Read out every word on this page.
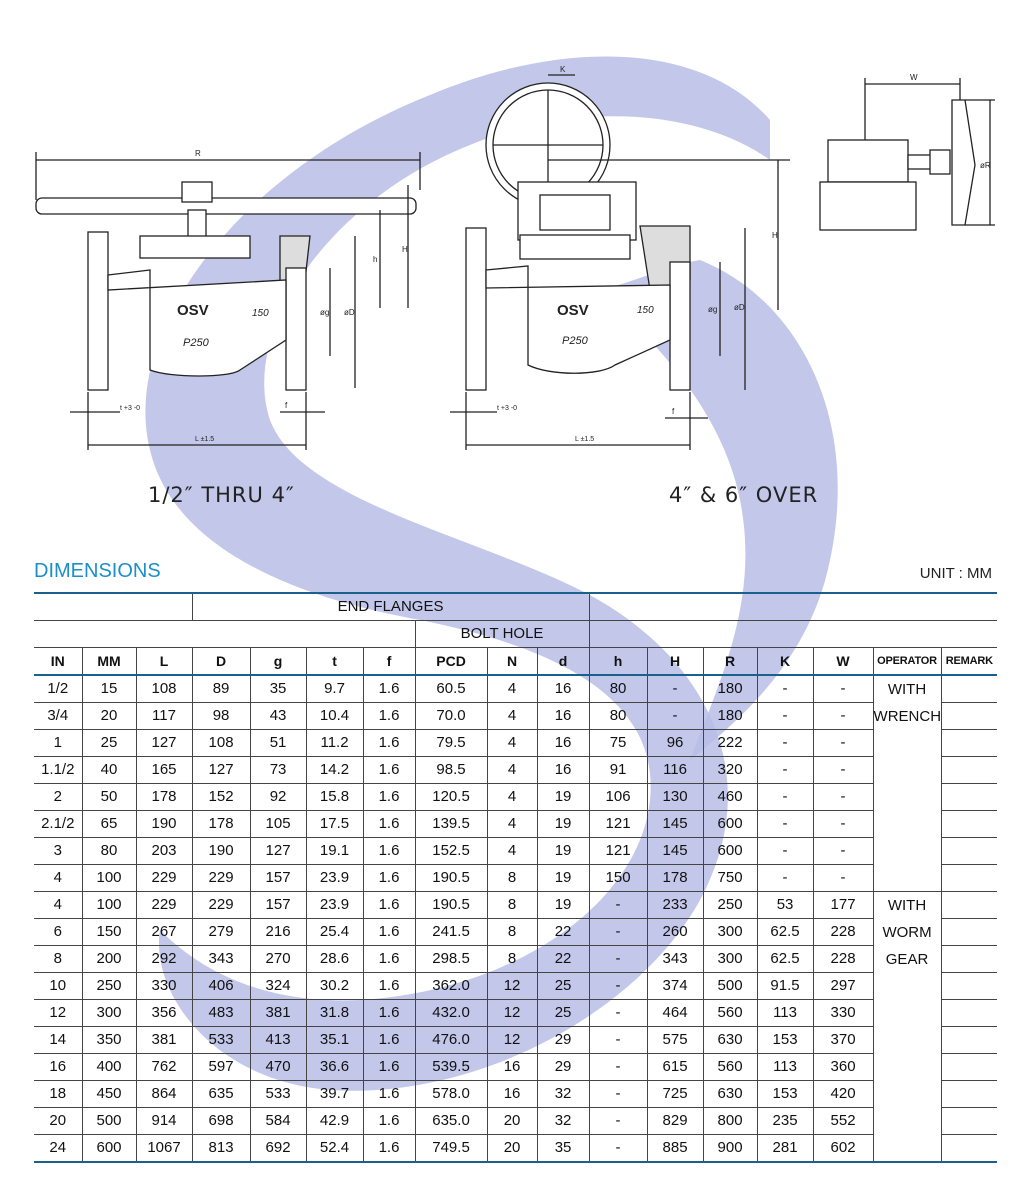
R
OSV	150
P250
H
h
øD
øg
t +3 -0	f
L ±1.5
K
OSV	150
P250
H
øD
øg
t +3 -0	f
L ±1.5
W
øR
1/2″ THRU 4″	4″ & 6″ OVER
DIMENSIONS	UNIT : MM
			END FLANGES													
							BOLT HOLE									
IN	MM	L	D	g	t	f	PCD	N	d	h	H	R	K	W	OPERATOR	REMARK
1/2	15	108	89	35	9.7	1.6	60.5	4	16	80	-	180	-	-	WITH
WRENCH	

3/4	20	117	98	43	10.4	1.6	70.0	4	16	80	-	180	-	-		
1	25	127	108	51	11.2	1.6	79.5	4	16	75	96	222	-	-		
1.1/2	40	165	127	73	14.2	1.6	98.5	4	16	91	116	320	-	-		
2	50	178	152	92	15.8	1.6	120.5	4	19	106	130	460	-	-		
2.1/2	65	190	178	105	17.5	1.6	139.5	4	19	121	145	600	-	-		
3	80	203	190	127	19.1	1.6	152.5	4	19	121	145	600	-	-		
4	100	229	229	157	23.9	1.6	190.5	8	19	150	178	750	-	-		
4	100	229	229	157	23.9	1.6	190.5	8	19	-	233	250	53	177	WITH
WORM
GEAR	

6	150	267	279	216	25.4	1.6	241.5	8	22	-	260	300	62.5	228		
8	200	292	343	270	28.6	1.6	298.5	8	22	-	343	300	62.5	228		
10	250	330	406	324	30.2	1.6	362.0	12	25	-	374	500	91.5	297		
12	300	356	483	381	31.8	1.6	432.0	12	25	-	464	560	113	330		
14	350	381	533	413	35.1	1.6	476.0	12	29	-	575	630	153	370		
16	400	762	597	470	36.6	1.6	539.5	16	29	-	615	560	113	360		
18	450	864	635	533	39.7	1.6	578.0	16	32	-	725	630	153	420		
20	500	914	698	584	42.9	1.6	635.0	20	32	-	829	800	235	552		
24	600	1067	813	692	52.4	1.6	749.5	20	35	-	885	900	281	602		
